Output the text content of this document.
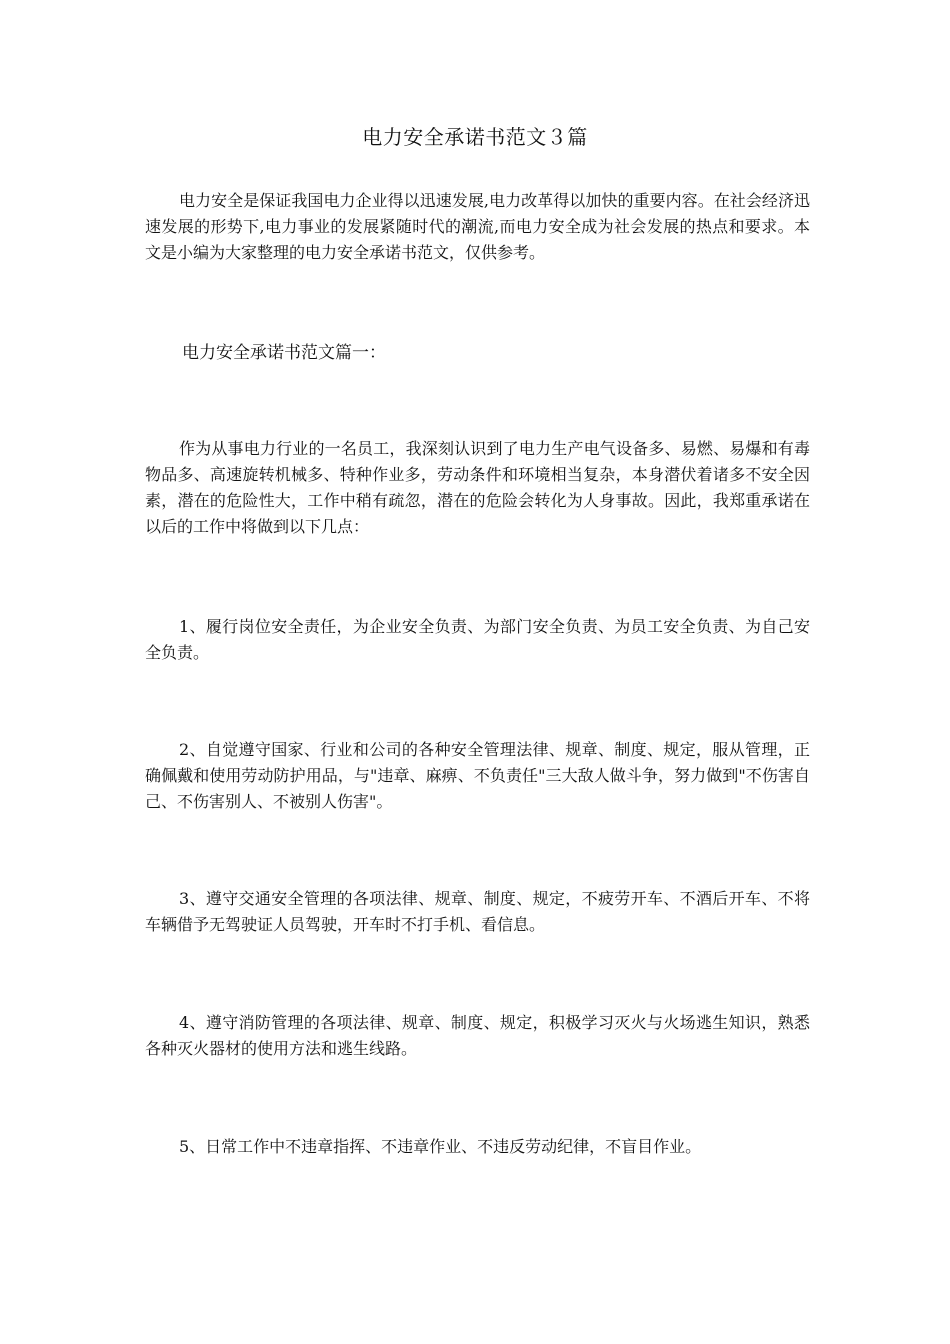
电力安全承诺书范文３篇

电力安全是保证我国电力企业得以迅速发展,电力改革得以加快的重要内容。在社会经济迅速发展的形势下,电力事业的发展紧随时代的潮流,而电力安全成为社会发展的热点和要求。本文是小编为大家整理的电力安全承诺书范文，仅供参考。

电力安全承诺书范文篇一：

作为从事电力行业的一名员工，我深刻认识到了电力生产电气设备多、易燃、易爆和有毒物品多、高速旋转机械多、特种作业多，劳动条件和环境相当复杂，本身潜伏着诸多不安全因素，潜在的危险性大，工作中稍有疏忽，潜在的危险会转化为人身事故。因此，我郑重承诺在以后的工作中将做到以下几点：

1、履行岗位安全责任，为企业安全负责、为部门安全负责、为员工安全负责、为自己安全负责。

2、自觉遵守国家、行业和公司的各种安全管理法律、规章、制度、规定，服从管理，正确佩戴和使用劳动防护用品，与"违章、麻痹、不负责任"三大敌人做斗争，努力做到"不伤害自己、不伤害别人、不被别人伤害"。

3、遵守交通安全管理的各项法律、规章、制度、规定，不疲劳开车、不酒后开车、不将车辆借予无驾驶证人员驾驶，开车时不打手机、看信息。

4、遵守消防管理的各项法律、规章、制度、规定，积极学习灭火与火场逃生知识，熟悉各种灭火器材的使用方法和逃生线路。

5、日常工作中不违章指挥、不违章作业、不违反劳动纪律，不盲目作业。
